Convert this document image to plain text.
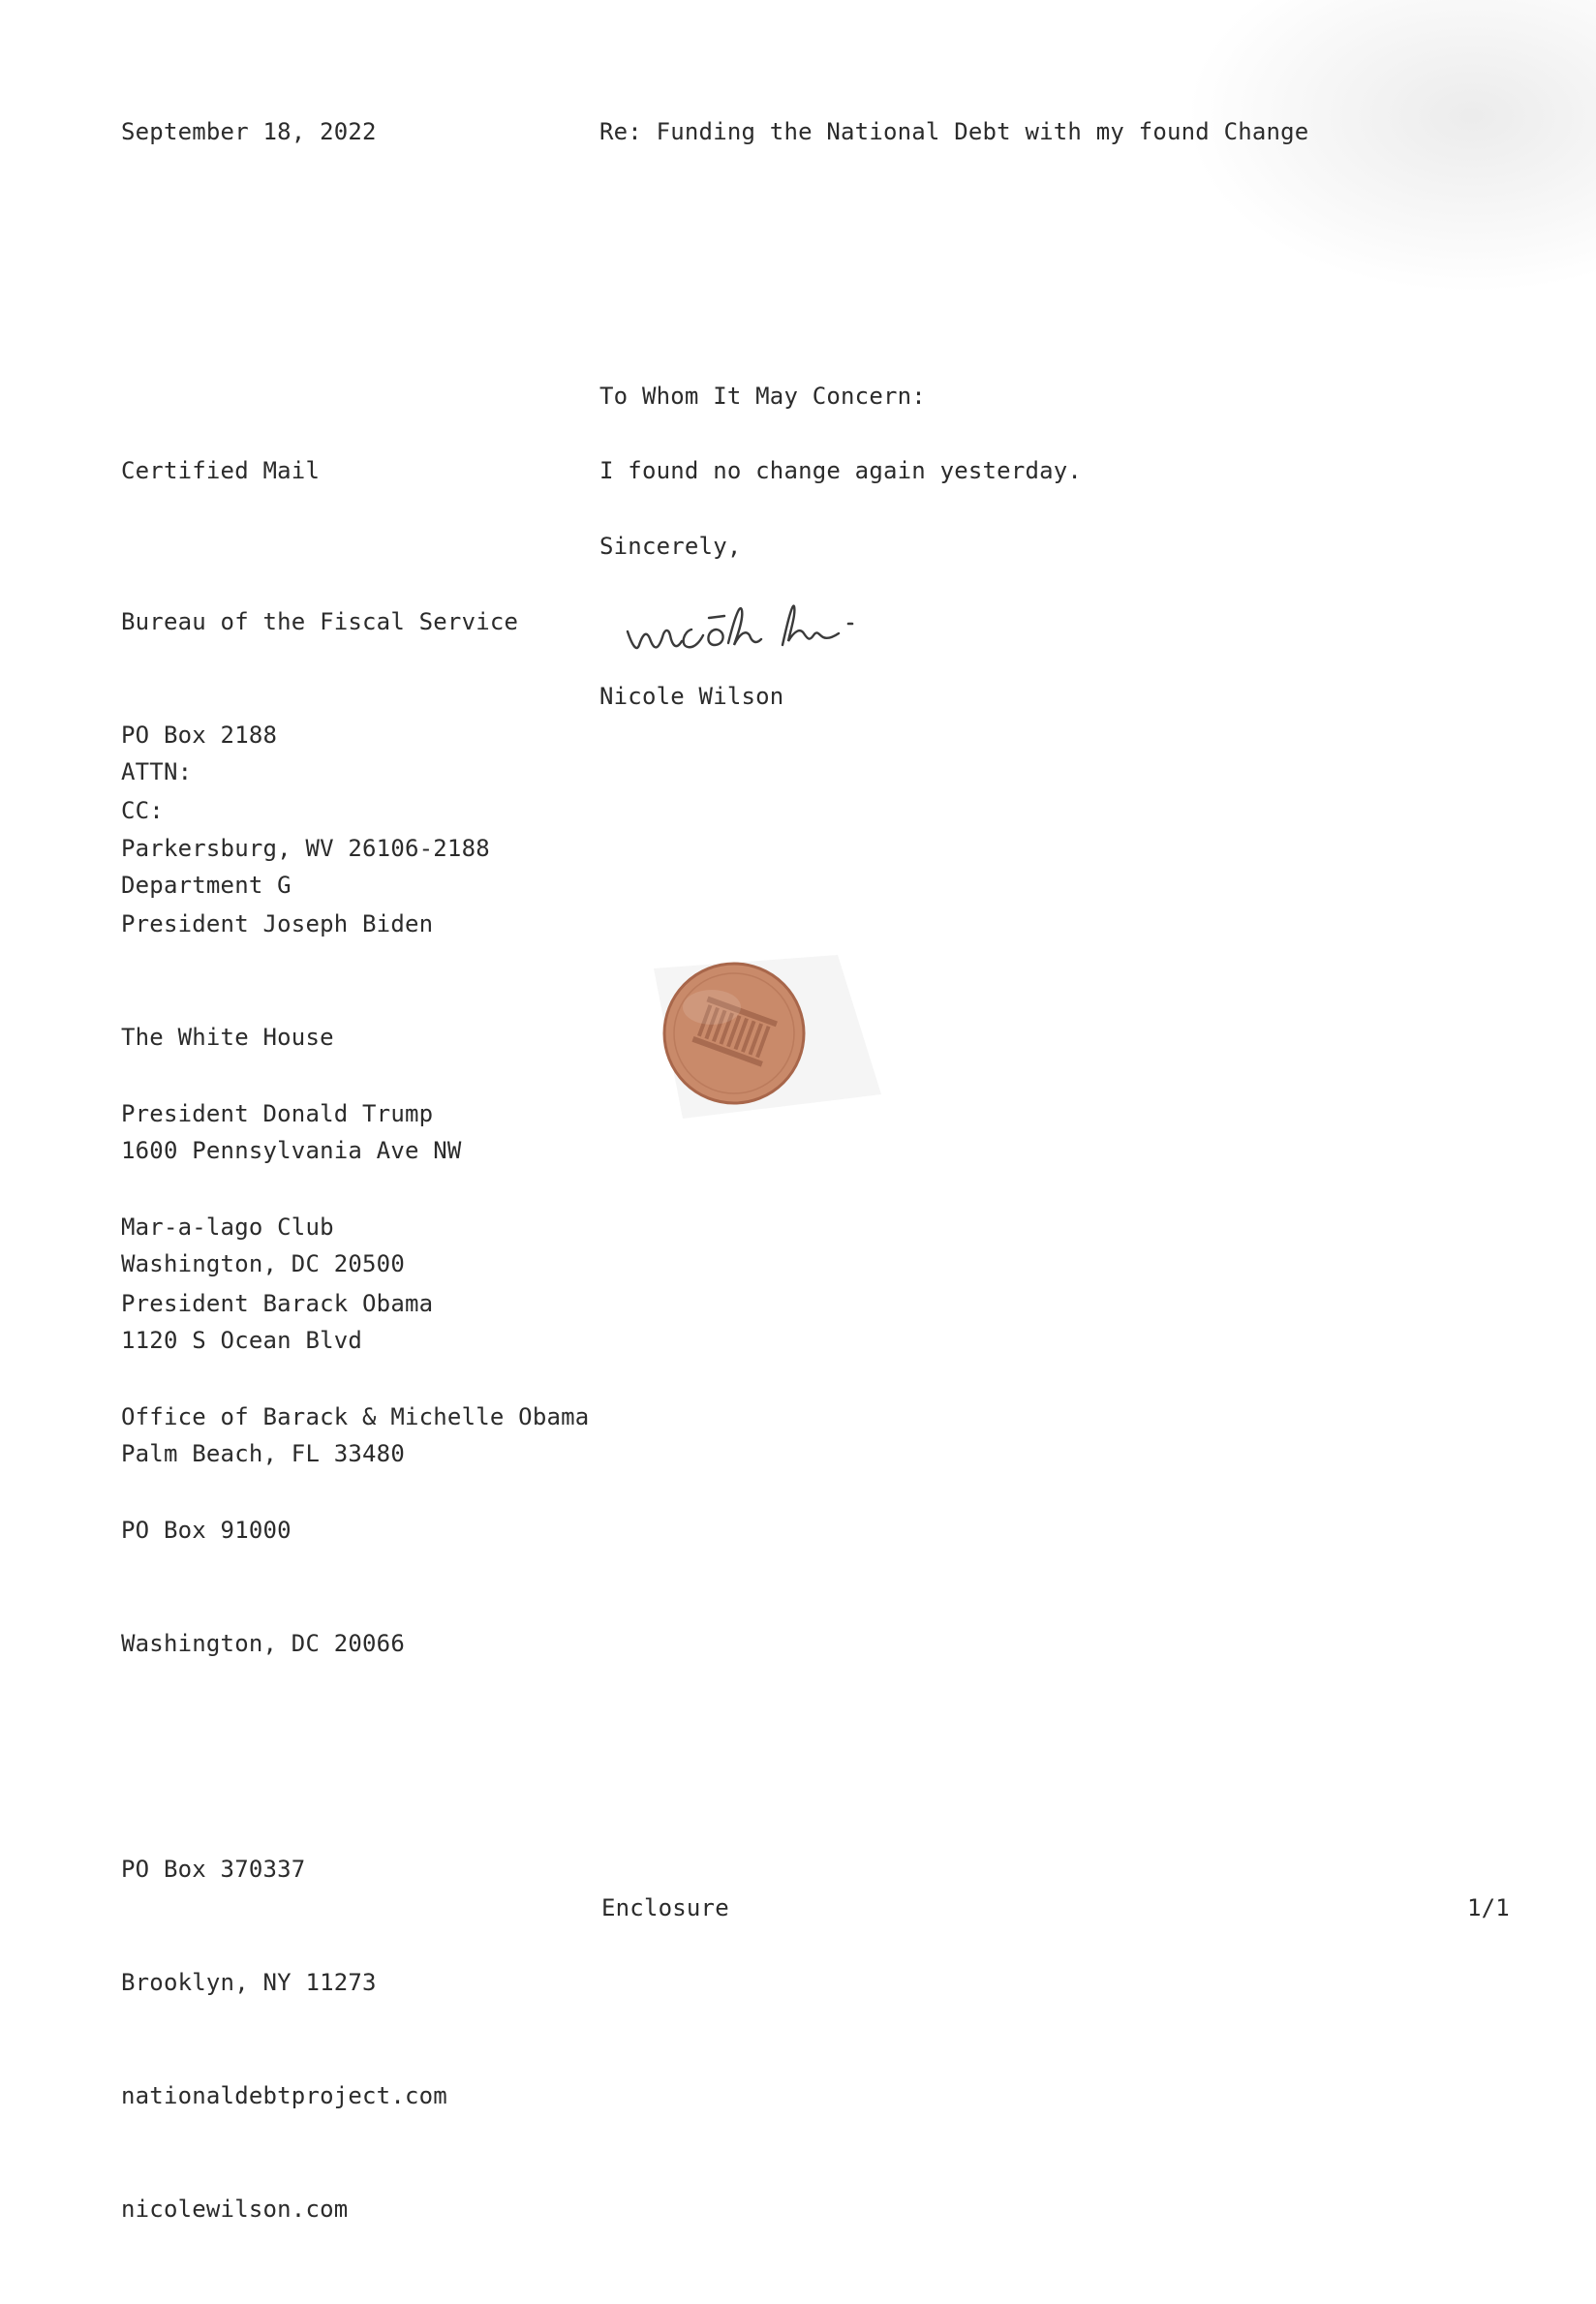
September 18, 2022	Re: Funding the National Debt with my found Change
To Whom It May Concern:
I found no change again yesterday.
Sincerely,
Nicole Wilson
Certified Mail

Bureau of the Fiscal Service

PO Box 2188

Parkersburg, WV 26106-2188

ATTN:

Department G

CC:

President Joseph Biden

The White House

1600 Pennsylvania Ave NW

Washington, DC 20500

President Donald Trump

Mar-a-lago Club

1120 S Ocean Blvd

Palm Beach, FL 33480

President Barack Obama

Office of Barack & Michelle Obama

PO Box 91000

Washington, DC 20066

PO Box 370337

Brooklyn, NY 11273

nationaldebtproject.com

nicolewilson.com

Enclosure	1/1
